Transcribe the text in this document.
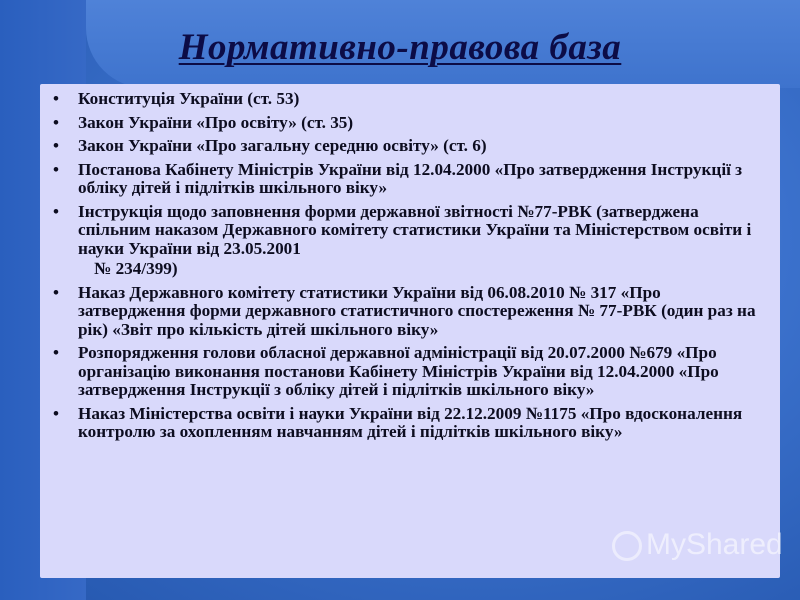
Нормативно-правова база
• Конституція України (ст. 53)
• Закон України «Про освіту» (ст. 35)
• Закон України «Про загальну середню освіту» (ст. 6)
• Постанова Кабінету Міністрів України від 12.04.2000 «Про затвердження Інструкції з обліку дітей і підлітків шкільного віку»
• Інструкція щодо заповнення форми державної звітності №77-РВК (затверджена спільним наказом Державного комітету статистики України та Міністерством освіти і науки України від 23.05.2001
№ 234/399)
• Наказ Державного комітету статистики України від 06.08.2010 № 317 «Про затвердження форми державного статистичного спостереження № 77-РВК (один раз на рік) «Звіт про кількість дітей шкільного віку»
• Розпорядження голови обласної державної адміністрації від 20.07.2000 №679 «Про організацію виконання постанови Кабінету Міністрів України від 12.04.2000 «Про затвердження Інструкції з обліку дітей і підлітків шкільного віку»
• Наказ Міністерства освіти і науки України від 22.12.2009 №1175 «Про вдосконалення контролю за охопленням навчанням дітей і підлітків шкільного віку»
MyShared
